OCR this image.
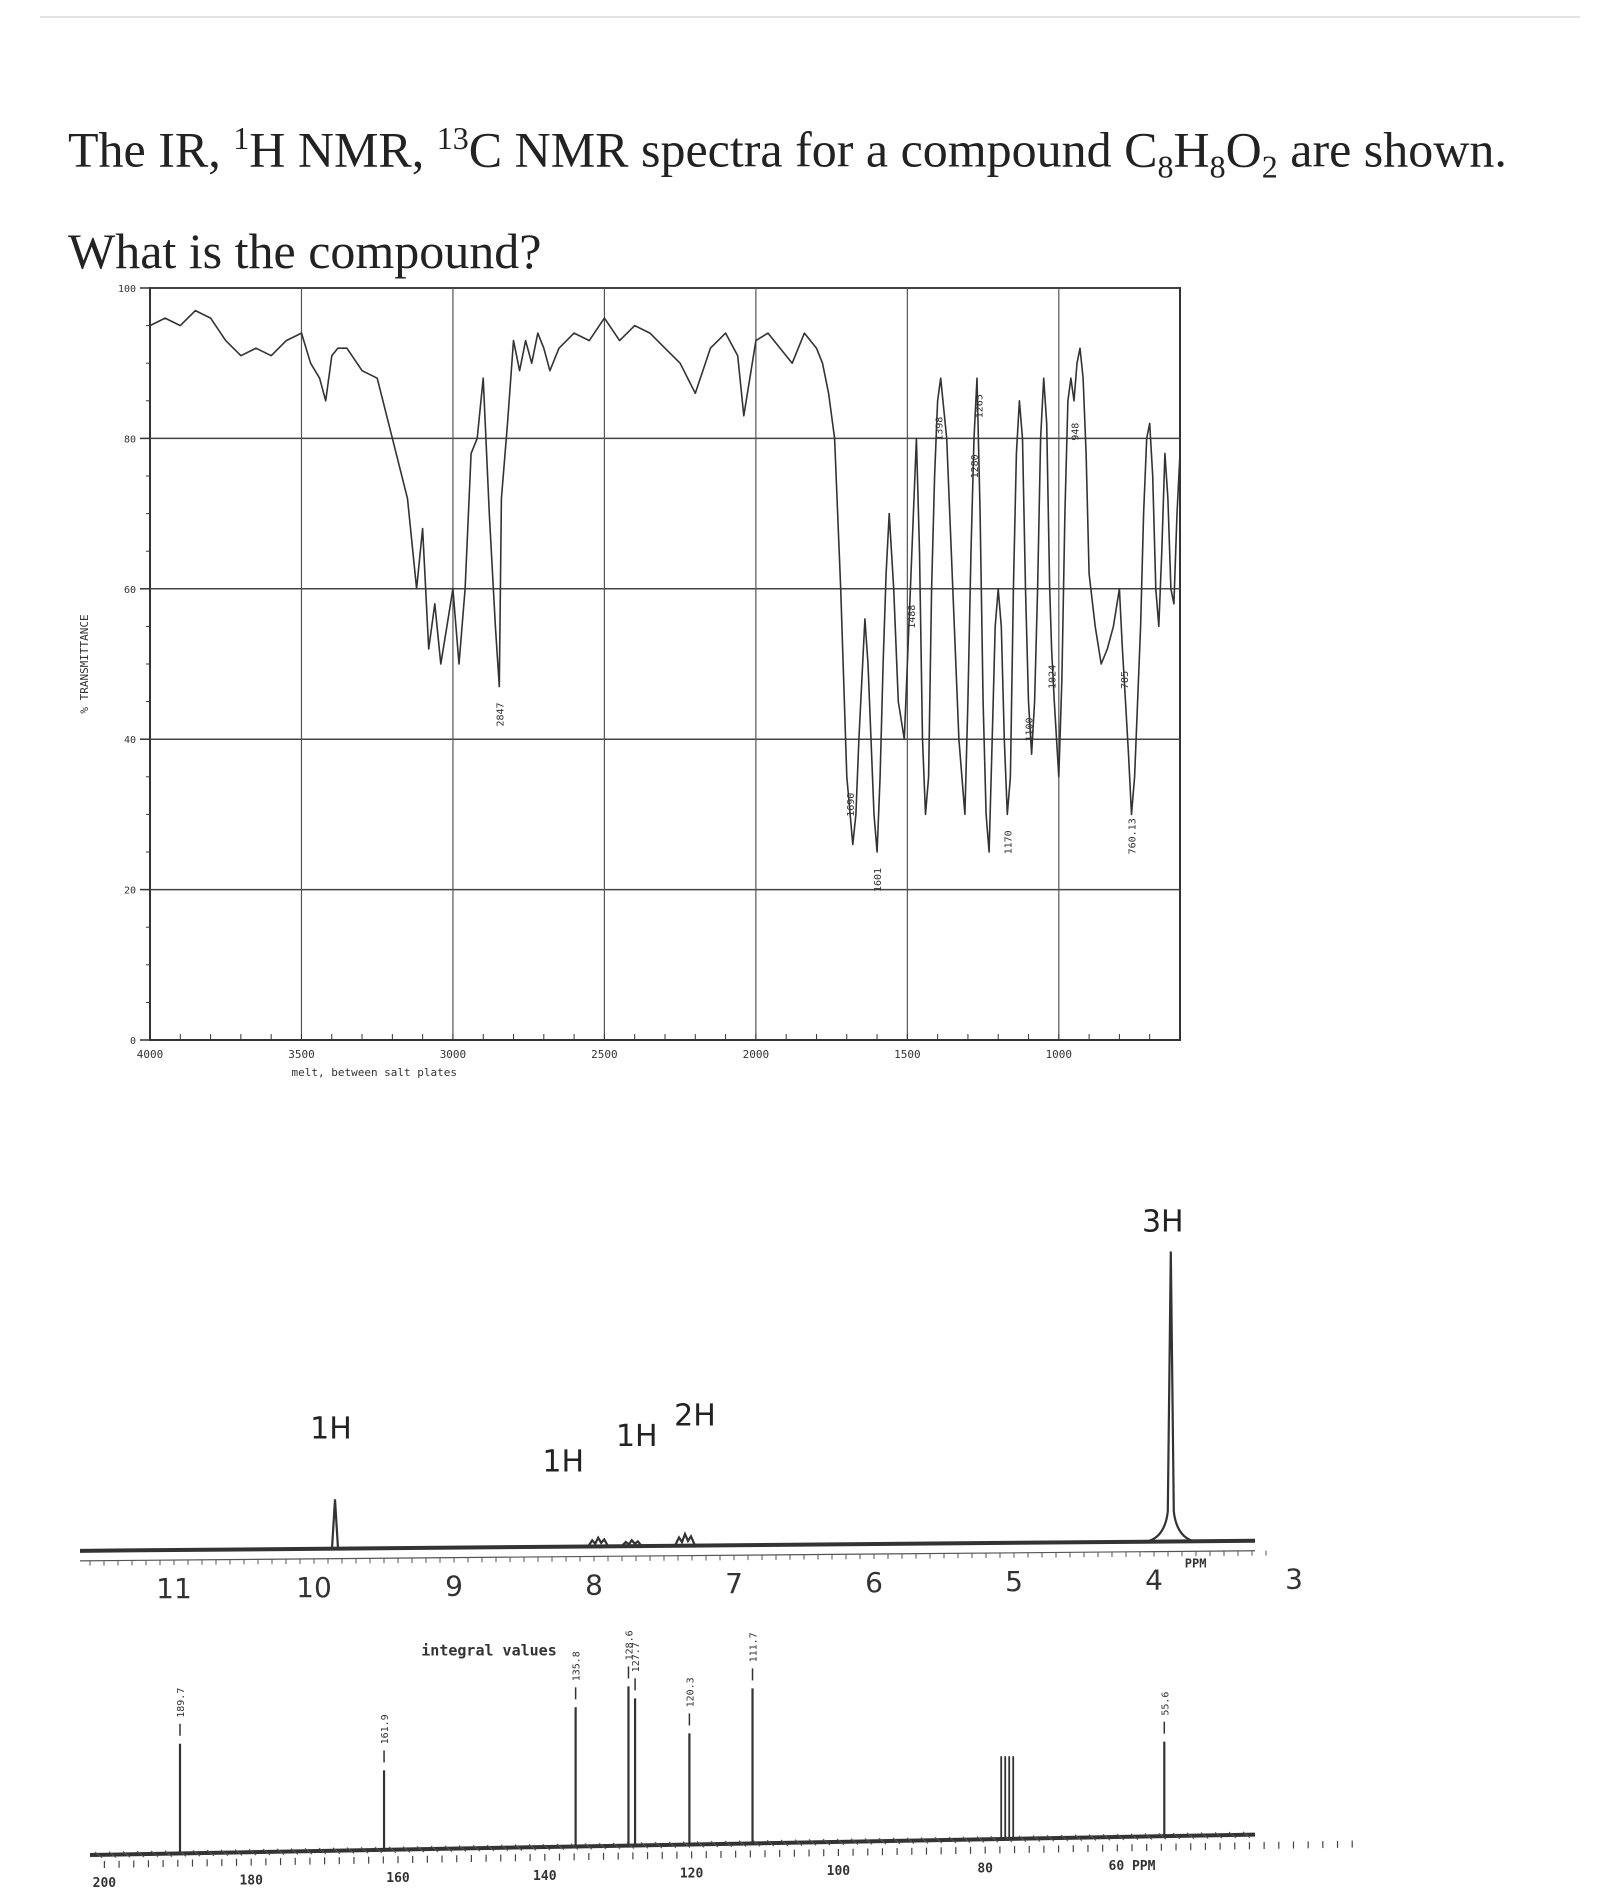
The IR, $^1$H NMR, $^{13}$C NMR spectra for a compound $C_8H_8O_2$ are shown. What is the compound?
100
80
60
40
20
0
4000	3500	3000	2500	2000	1500	1000
melt, between salt plates
% TRANSMITTANCE
2847
1690
1601
1488
1398
1280
1265
1170
1100
1024	785
760.13
948
11	10	9	8	7	6	5	4	3
PPM
integral values
1H
1H
1H
2H
3H
200	180	160	140	120	100	80	60 PPM
189.7
161.9
135.8
128.6
127.7
120.3
111.7
55.6
